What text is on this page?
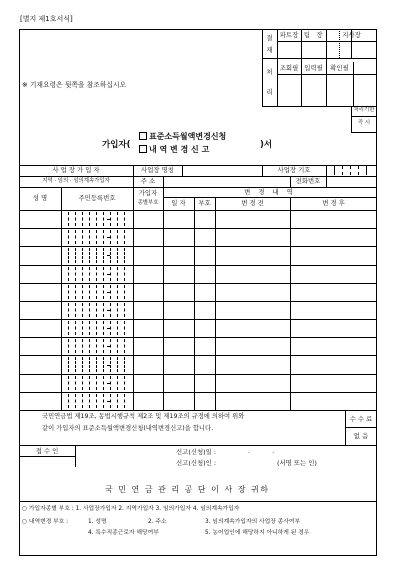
[별지 제1호서식]
결
재
처
리
파트장 팀 장	지사장
조회필 입력필	확인필
처리기한
즉 시
※ 기재요령은 뒷쪽을 참조하십시오
가입자(
표준소득월액변경신청
내 역 변 경 신 고	)서
사 업 장 가 입 자	사업장 명칭	사업장 기호
지역 · 임의 · 임의계속가입자	주 소	전화번호
성 명	주민등록번호
가입자
종별부호
변 경 내 역
일 자	부호	변 경 전	변 경 후
국민연금법 제19조, 동법시행규칙 제2조 및 제19조의 규정에 의하여 위와
같이 가입자의 표준소득월액변경신청(내역변경신고)을 합니다.
수 수 료
없 음
접 수 인	신고(신청)일 :	. .
신고(신청)인 :	(서명 또는 인)
국 민 연 금 관 리 공 단 이 사 장 귀하
○ 가입자종별 부호 : 1. 사업장가입자 2. 지역가입자 3. 임의가입자 4. 임의계속가입자
○ 내역변경 부호 :	1. 성명	2. 주소	3. 임의계속가입자의 사업장 종사여부
4. 특수직종근로자 해당여부	5. 농어업인에 해당하지 아니하게 된 경우
